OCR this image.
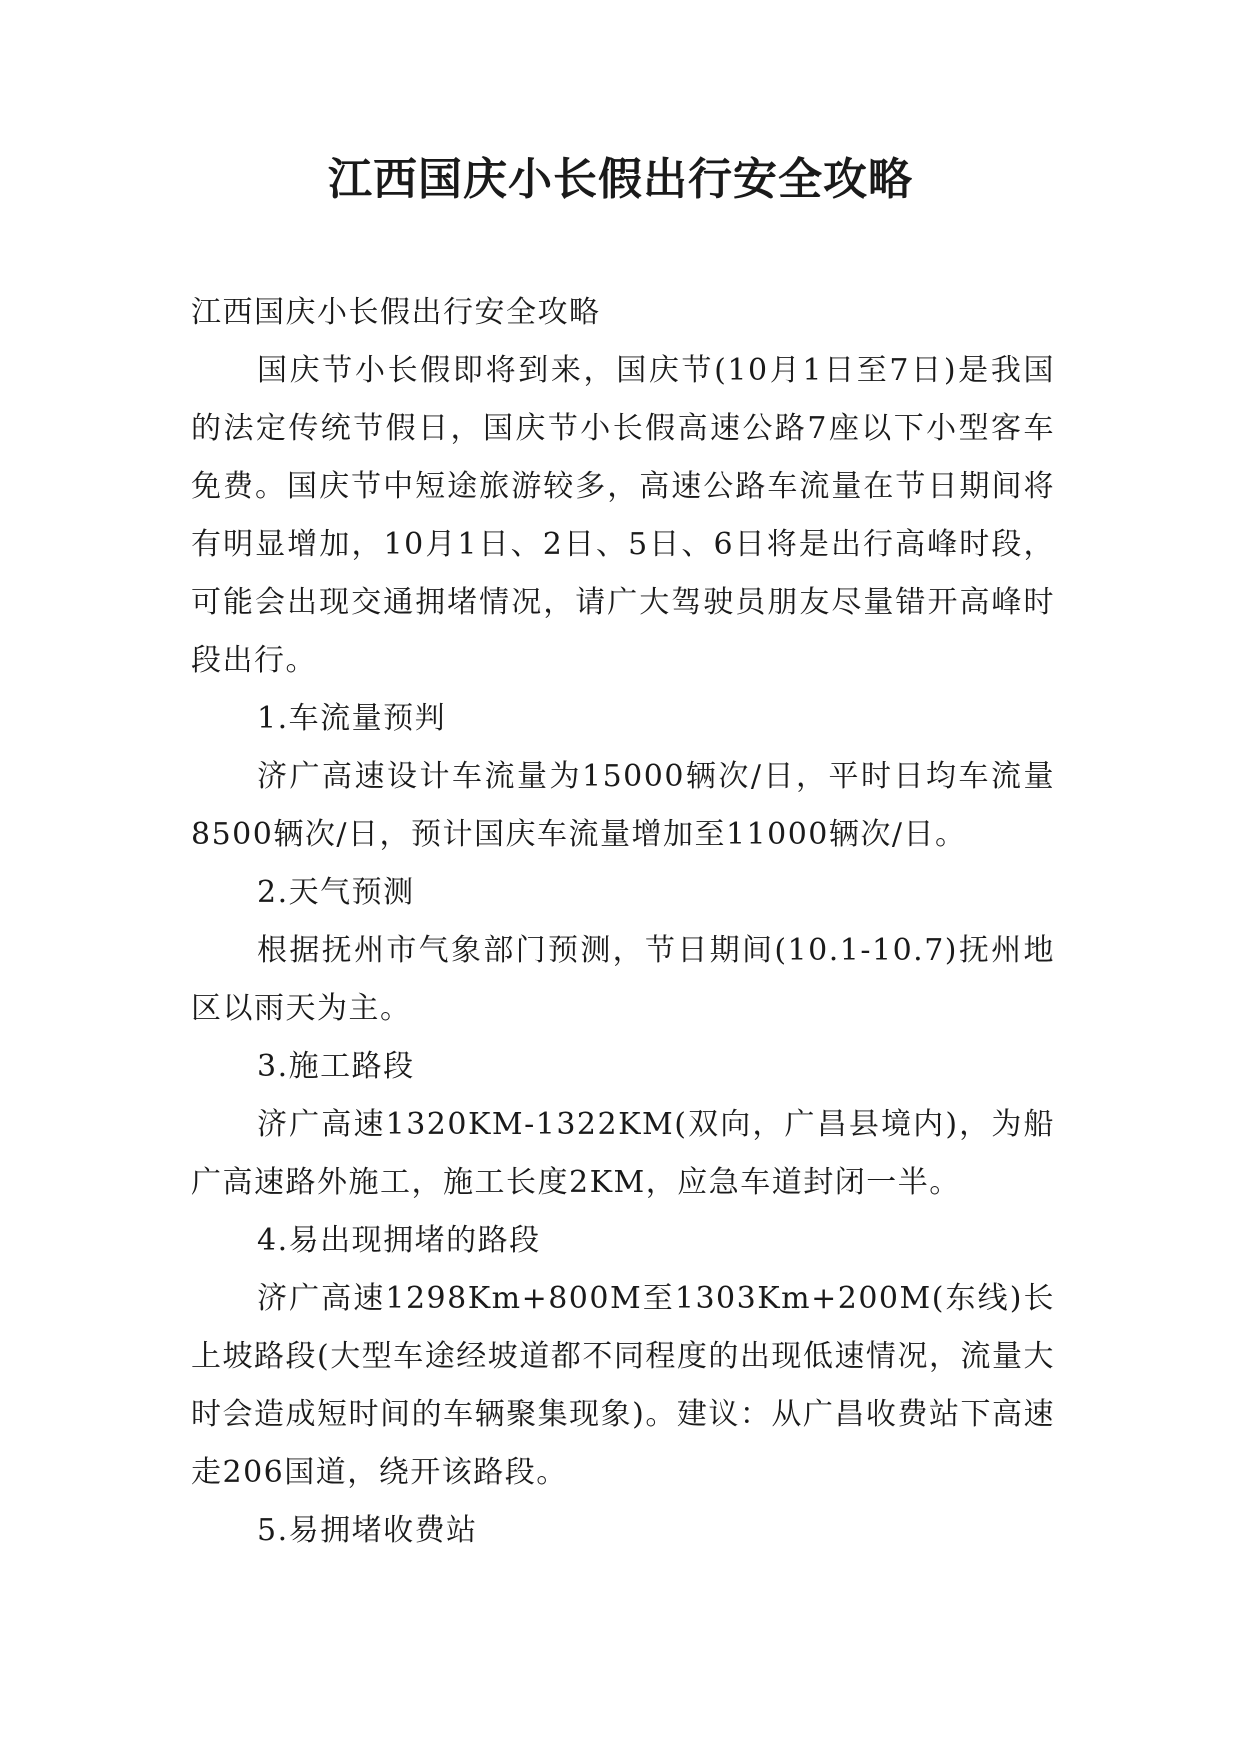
江西国庆小长假出行安全攻略

江西国庆小长假出行安全攻略

国庆节小长假即将到来，国庆节(10月1日至7日)是我国的法定传统节假日，国庆节小长假高速公路7座以下小型客车免费。国庆节中短途旅游较多，高速公路车流量在节日期间将有明显增加，10月1日、2日、5日、6日将是出行高峰时段，可能会出现交通拥堵情况，请广大驾驶员朋友尽量错开高峰时段出行。

1.车流量预判

济广高速设计车流量为15000辆次/日，平时日均车流量8500辆次/日，预计国庆车流量增加至11000辆次/日。

2.天气预测

根据抚州市气象部门预测，节日期间(10.1-10.7)抚州地区以雨天为主。

3.施工路段

济广高速1320KM-1322KM(双向，广昌县境内)，为船广高速路外施工，施工长度2KM，应急车道封闭一半。

4.易出现拥堵的路段

济广高速1298Km+800M至1303Km+200M(东线)长上坡路段(大型车途经坡道都不同程度的出现低速情况，流量大时会造成短时间的车辆聚集现象)。建议：从广昌收费站下高速走206国道，绕开该路段。

5.易拥堵收费站
